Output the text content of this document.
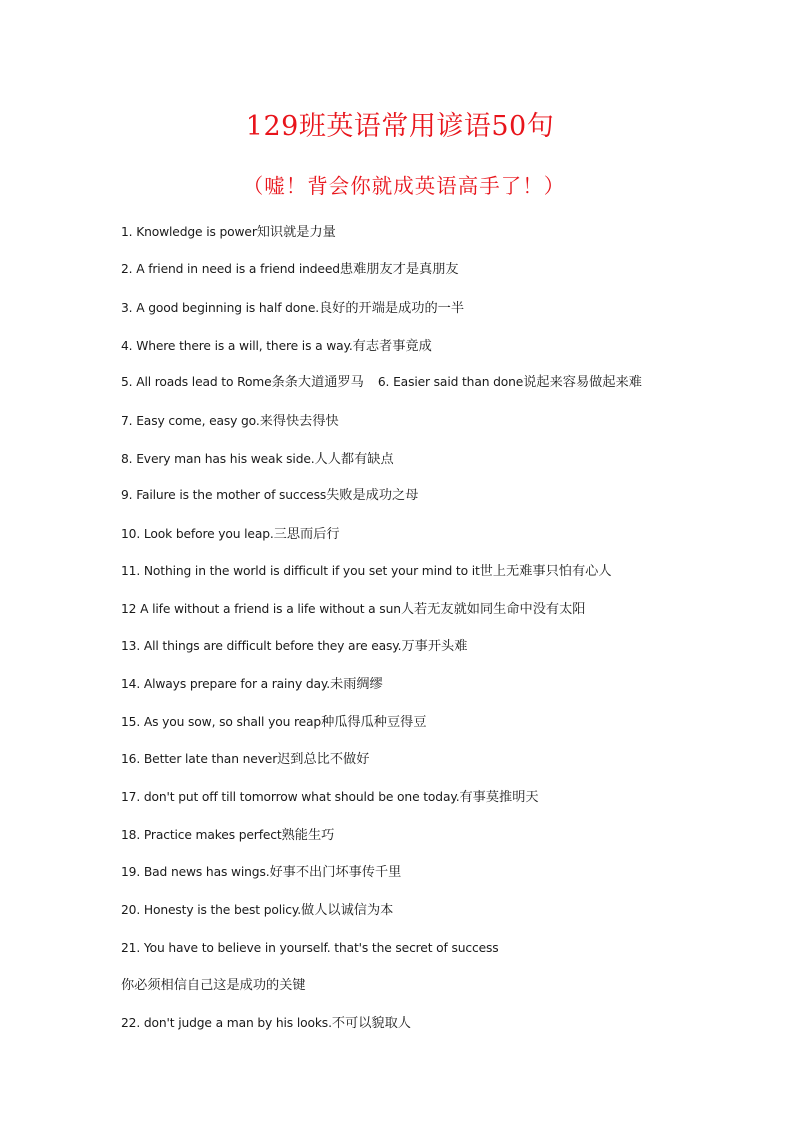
129班英语常用谚语50句
（嘘！背会你就成英语高手了！）
1. Knowledge is power知识就是力量
2. A friend in need is a friend indeed患难朋友才是真朋友
3. A good beginning is half done.良好的开端是成功的一半
4. Where there is a will, there is a way.有志者事竟成
5. All roads lead to Rome条条大道通罗马 6. Easier said than done说起来容易做起来难
7. Easy come, easy go.来得快去得快
8. Every man has his weak side.人人都有缺点
9. Failure is the mother of success失败是成功之母
10. Look before you leap.三思而后行
11. Nothing in the world is difficult if you set your mind to it世上无难事只怕有心人
12 A life without a friend is a life without a sun人若无友就如同生命中没有太阳
13. All things are difficult before they are easy.万事开头难
14. Always prepare for a rainy day.未雨绸缪
15. As you sow, so shall you reap种瓜得瓜种豆得豆
16. Better late than never迟到总比不做好
17. don't put off till tomorrow what should be one today.有事莫推明天
18. Practice makes perfect熟能生巧
19. Bad news has wings.好事不出门坏事传千里
20. Honesty is the best policy.做人以诚信为本
21. You have to believe in yourself. that's the secret of success
你必须相信自己这是成功的关键
22. don't judge a man by his looks.不可以貌取人
